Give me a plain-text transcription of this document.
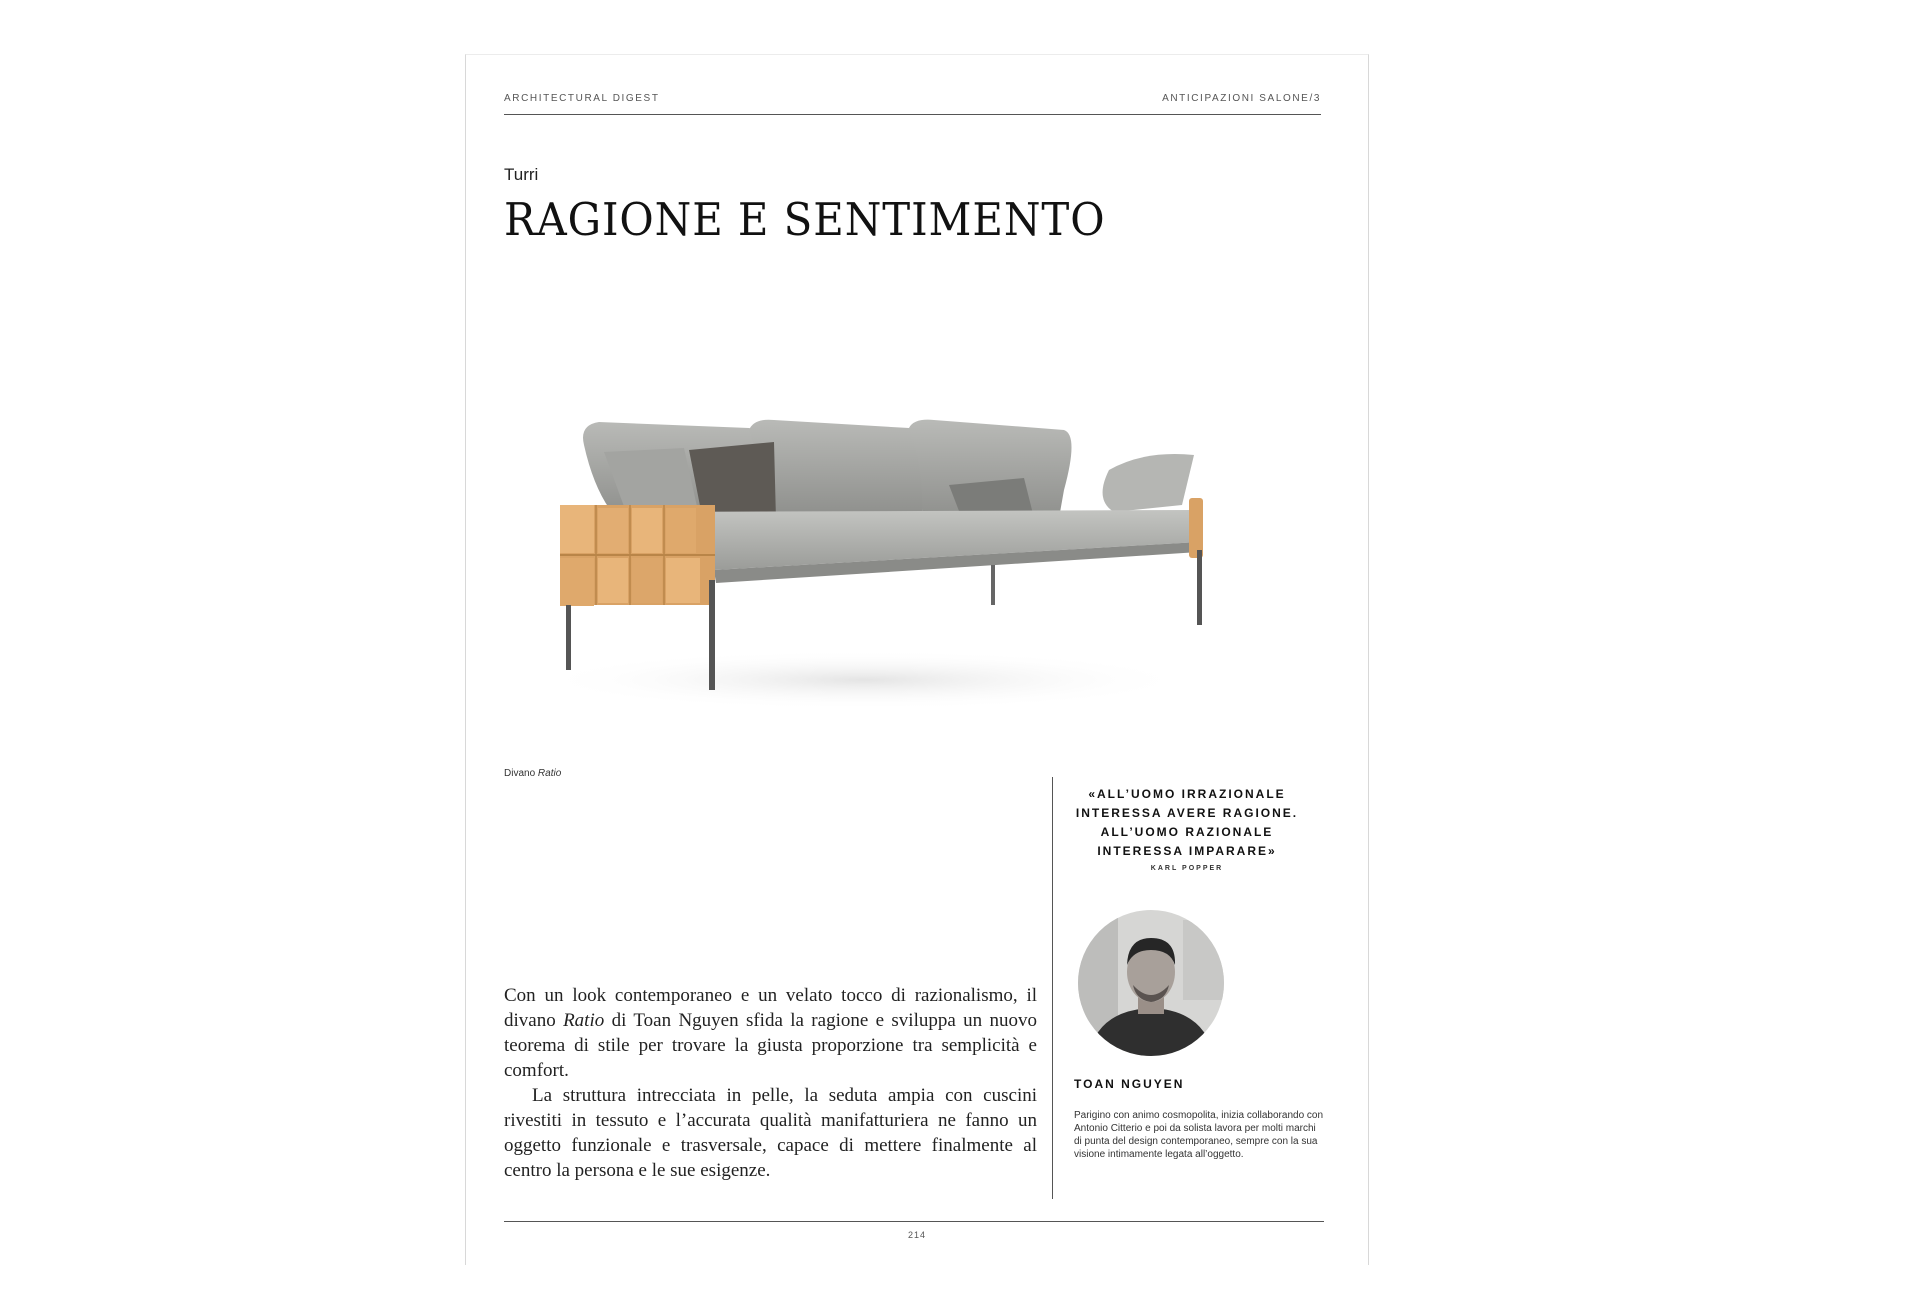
ARCHITECTURAL DIGEST	ANTICIPAZIONI SALONE/3
Turri
RAGIONE E SENTIMENTO
Divano Ratio

Con un look contemporaneo e un velato tocco di razionalismo, il divano Ratio di Toan Nguyen sfida la ragione e sviluppa un nuovo teorema di stile per trovare la giusta proporzione tra semplicità e comfort.

La struttura intrecciata in pelle, la seduta ampia con cuscini rivestiti in tessuto e l’accurata qualità manifatturiera ne fanno un oggetto funzionale e trasversale, capace di mettere finalmente al centro la persona e le sue esigenze.

«ALL’UOMO IRRAZIONALE
INTERESSA AVERE RAGIONE.
ALL’UOMO RAZIONALE
INTERESSA IMPARARE»
KARL POPPER
TOAN NGUYEN
Parigino con animo cosmopolita, inizia collaborando con Antonio Citterio e poi da solista lavora per molti marchi di punta del design contemporaneo, sempre con la sua visione intimamente legata all’oggetto.
214
